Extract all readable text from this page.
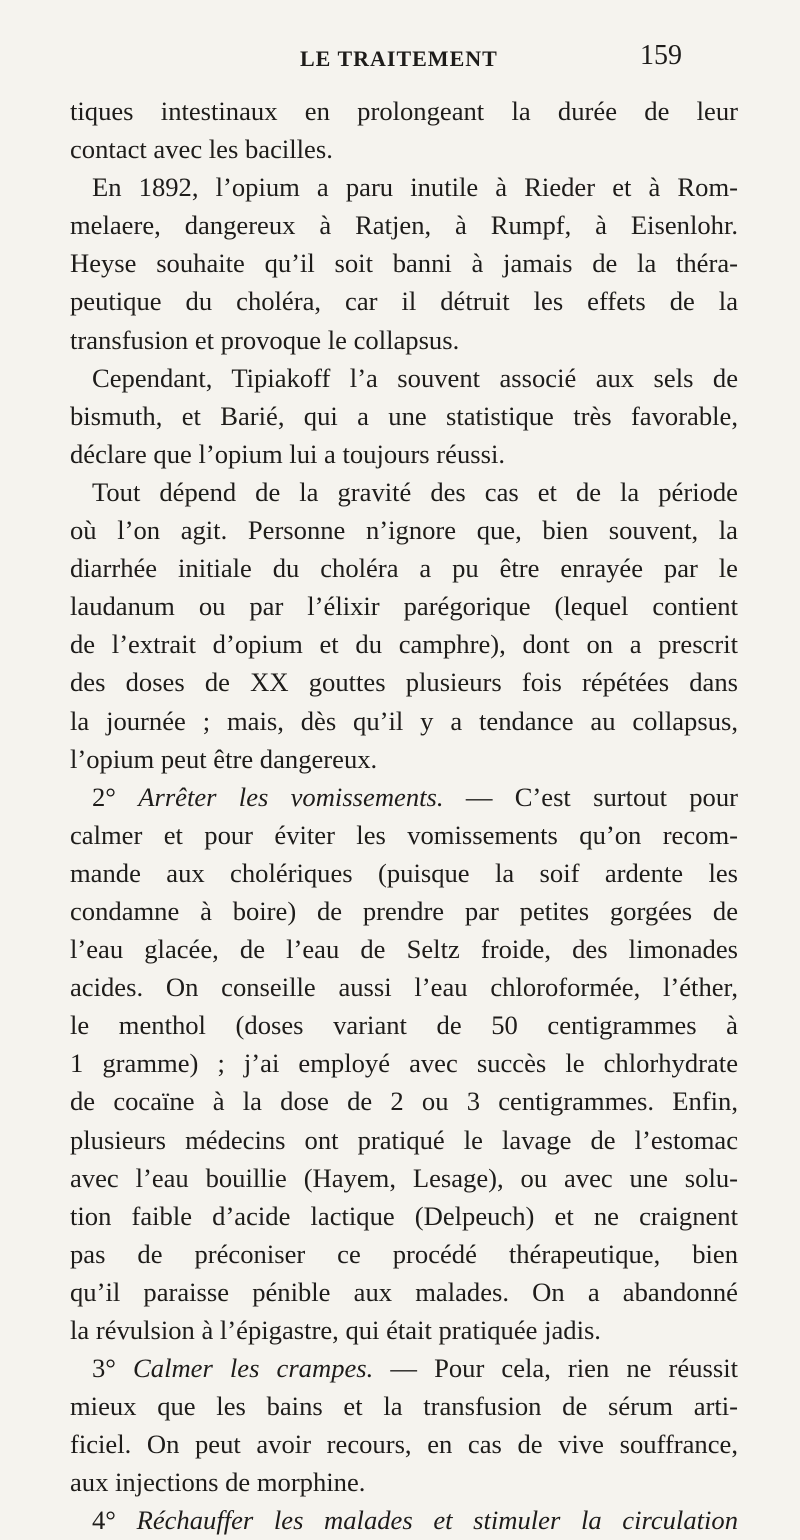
LE TRAITEMENT	159
tiques intestinaux en prolongeant la durée de leur
contact avec les bacilles.
En 1892, l’opium a paru inutile à Rieder et à Rom-
melaere, dangereux à Ratjen, à Rumpf, à Eisenlohr.
Heyse souhaite qu’il soit banni à jamais de la théra-
peutique du choléra, car il détruit les effets de la
transfusion et provoque le collapsus.
Cependant, Tipiakoff l’a souvent associé aux sels de
bismuth, et Barié, qui a une statistique très favorable,
déclare que l’opium lui a toujours réussi.
Tout dépend de la gravité des cas et de la période
où l’on agit. Personne n’ignore que, bien souvent, la
diarrhée initiale du choléra a pu être enrayée par le
laudanum ou par l’élixir parégorique (lequel contient
de l’extrait d’opium et du camphre), dont on a prescrit
des doses de XX gouttes plusieurs fois répétées dans
la journée ; mais, dès qu’il y a tendance au collapsus,
l’opium peut être dangereux.
2° Arrêter les vomissements. — C’est surtout pour
calmer et pour éviter les vomissements qu’on recom-
mande aux cholériques (puisque la soif ardente les
condamne à boire) de prendre par petites gorgées de
l’eau glacée, de l’eau de Seltz froide, des limonades
acides. On conseille aussi l’eau chloroformée, l’éther,
le menthol (doses variant de 50 centigrammes à
1 gramme) ; j’ai employé avec succès le chlorhydrate
de cocaïne à la dose de 2 ou 3 centigrammes. Enfin,
plusieurs médecins ont pratiqué le lavage de l’estomac
avec l’eau bouillie (Hayem, Lesage), ou avec une solu-
tion faible d’acide lactique (Delpeuch) et ne craignent
pas de préconiser ce procédé thérapeutique, bien
qu’il paraisse pénible aux malades. On a abandonné
la révulsion à l’épigastre, qui était pratiquée jadis.
3° Calmer les crampes. — Pour cela, rien ne réussit
mieux que les bains et la transfusion de sérum arti-
ficiel. On peut avoir recours, en cas de vive souffrance,
aux injections de morphine.
4° Réchauffer les malades et stimuler la circulation
